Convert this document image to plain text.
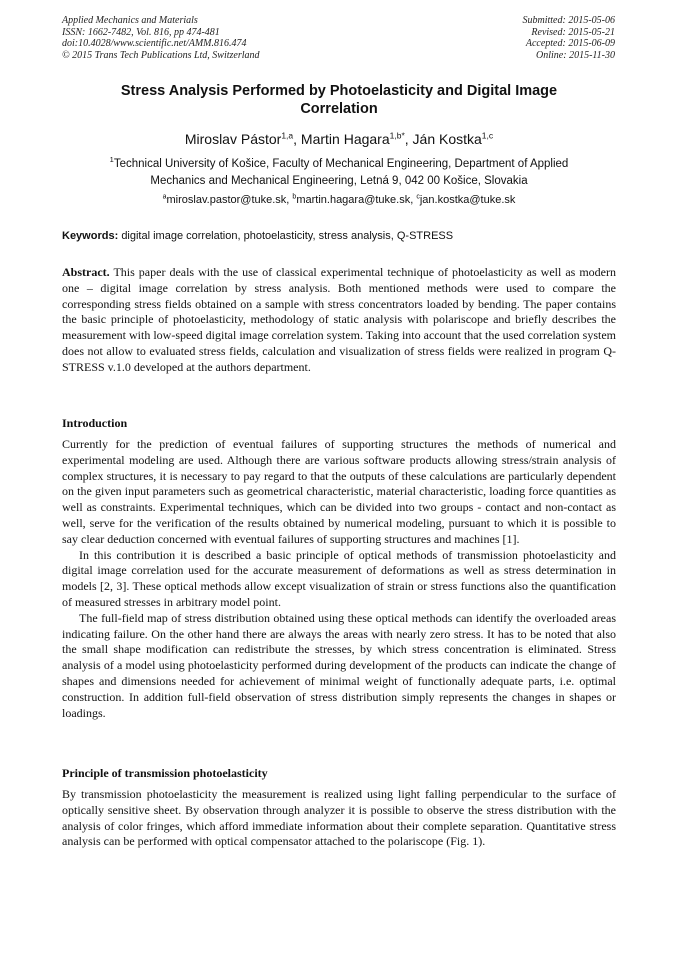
Applied Mechanics and Materials
ISSN: 1662-7482, Vol. 816, pp 474-481
doi:10.4028/www.scientific.net/AMM.816.474
© 2015 Trans Tech Publications Ltd, Switzerland
Submitted: 2015-05-06
Revised: 2015-05-21
Accepted: 2015-06-09
Online: 2015-11-30
Stress Analysis Performed by Photoelasticity and Digital Image
Correlation
Miroslav Pástor$^{1,a}$, Martin Hagara$^{1,b*}$, Ján Kostka$^{1,c}$
$^1$Technical University of Košice, Faculty of Mechanical Engineering, Department of Applied
Mechanics and Mechanical Engineering, Letná 9, 042 00 Košice, Slovakia
$^a$miroslav.pastor@tuke.sk, $^b$martin.hagara@tuke.sk, $^c$jan.kostka@tuke.sk
Keywords: digital image correlation, photoelasticity, stress analysis, Q-STRESS

Abstract. This paper deals with the use of classical experimental technique of photoelasticity as well as modern one – digital image correlation by stress analysis. Both mentioned methods were used to compare the corresponding stress fields obtained on a sample with stress concentrators loaded by bending. The paper contains the basic principle of photoelasticity, methodology of static analysis with polariscope and briefly describes the measurement with low-speed digital image correlation system. Taking into account that the used correlation system does not allow to evaluated stress fields, calculation and visualization of stress fields were realized in program Q-STRESS v.1.0 developed at the authors department.

Introduction

Currently for the prediction of eventual failures of supporting structures the methods of numerical and experimental modeling are used. Although there are various software products allowing stress/strain analysis of complex structures, it is necessary to pay regard to that the outputs of these calculations are particularly dependent on the given input parameters such as geometrical characteristic, material characteristic, loading force quantities as well as constraints. Experimental techniques, which can be divided into two groups - contact and non-contact as well, serve for the verification of the results obtained by numerical modeling, pursuant to which it is possible to say clear deduction concerned with eventual failures of supporting structures and machines [1].

In this contribution it is described a basic principle of optical methods of transmission photoelasticity and digital image correlation used for the accurate measurement of deformations as well as stress determination in models [2, 3]. These optical methods allow except visualization of strain or stress functions also the quantification of measured stresses in arbitrary model point.

The full-field map of stress distribution obtained using these optical methods can identify the overloaded areas indicating failure. On the other hand there are always the areas with nearly zero stress. It has to be noted that also the small shape modification can redistribute the stresses, by which stress concentration is eliminated. Stress analysis of a model using photoelasticity performed during development of the products can indicate the change of shapes and dimensions needed for achievement of minimal weight of functionally adequate parts, i.e. optimal construction. In addition full-field observation of stress distribution simply represents the changes in shapes or loadings.

Principle of transmission photoelasticity

By transmission photoelasticity the measurement is realized using light falling perpendicular to the surface of optically sensitive sheet. By observation through analyzer it is possible to observe the stress distribution with the analysis of color fringes, which afford immediate information about their complete separation. Quantitative stress analysis can be performed with optical compensator attached to the polariscope (Fig. 1).
